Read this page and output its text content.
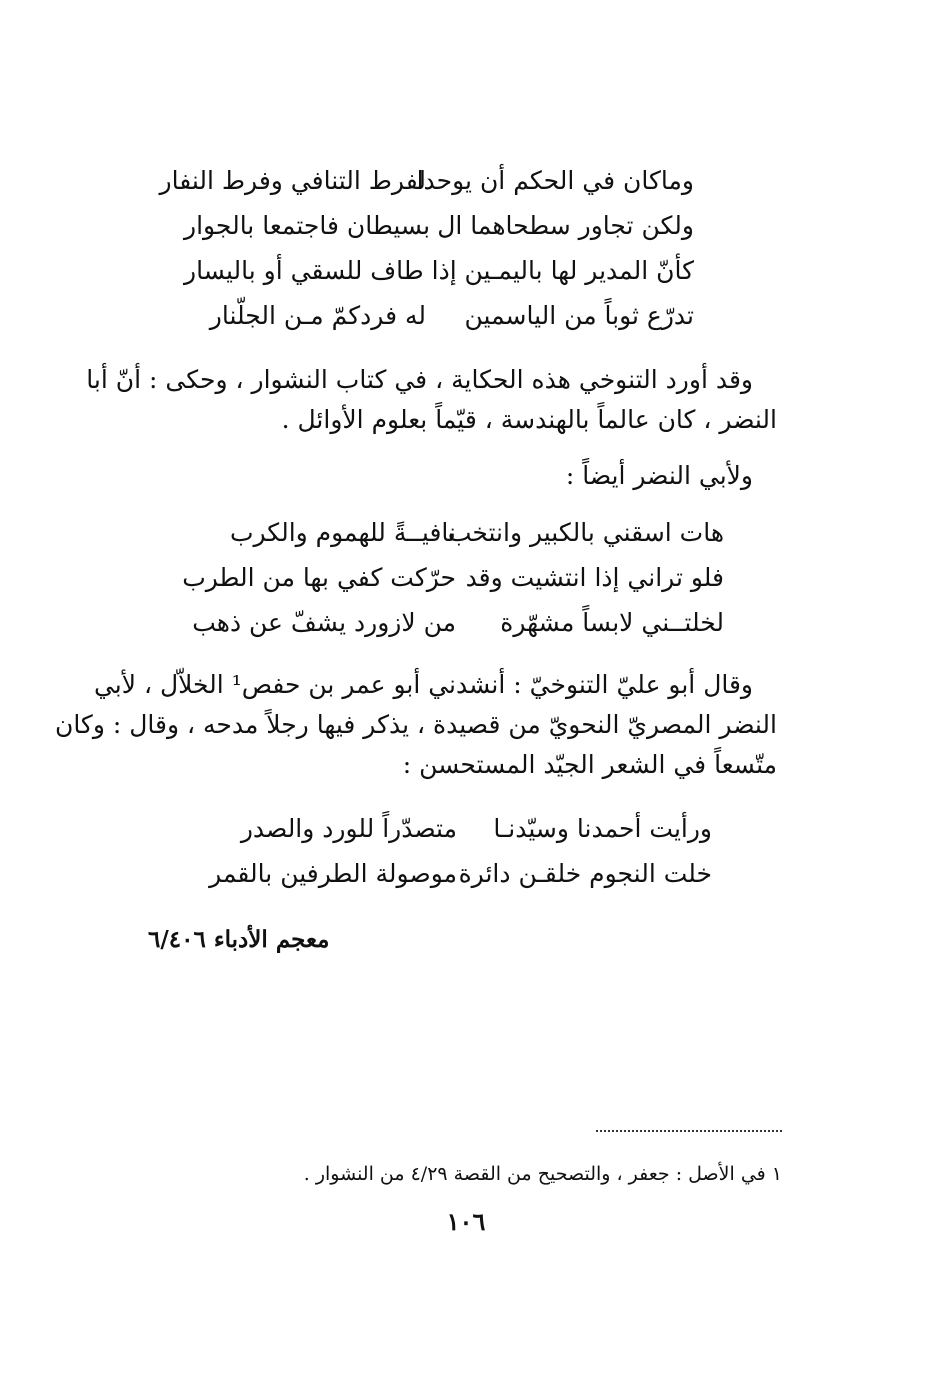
وماكان في الحكم أن يوحدا
لفرط التنافي وفرط النفار
ولكن تجاور سطحاهما ال
بسيطان فاجتمعا بالجوار
كأنّ المدير لها باليمـين
إذا طاف للسقي أو باليسار
تدرّع ثوباً من الياسمين
له فردكمّ مـن الجلّنار
وقد أورد التنوخي هذه الحكاية ، في كتاب النشوار ، وحكى : أنّ أبا
النضر ، كان عالماً بالهندسة ، قيّماً بعلوم الأوائل .
ولأبي النضر أيضاً :
هات اسقني بالكبير وانتخب
نافيــةً للهموم والكرب
فلو تراني إذا انتشيت وقد
حرّكت كفي بها من الطرب
لخلتــني لابساً مشهّرة
من لازورد يشفّ عن ذهب
وقال أبو عليّ التنوخيّ : أنشدني أبو عمر بن حفص¹ الخلاّل ، لأبي
النضر المصريّ النحويّ من قصيدة ، يذكر فيها رجلاً مدحه ، وقال : وكان
متّسعاً في الشعر الجيّد المستحسن :
ورأيت أحمدنا وسيّدنـا
متصدّراً للورد والصدر
خلت النجوم خلقـن دائرة
موصولة الطرفين بالقمر
معجم الأدباء ٦/٤٠٦
١ في الأصل : جعفر ، والتصحيح من القصة ٤/٢٩ من النشوار .
١٠٦
